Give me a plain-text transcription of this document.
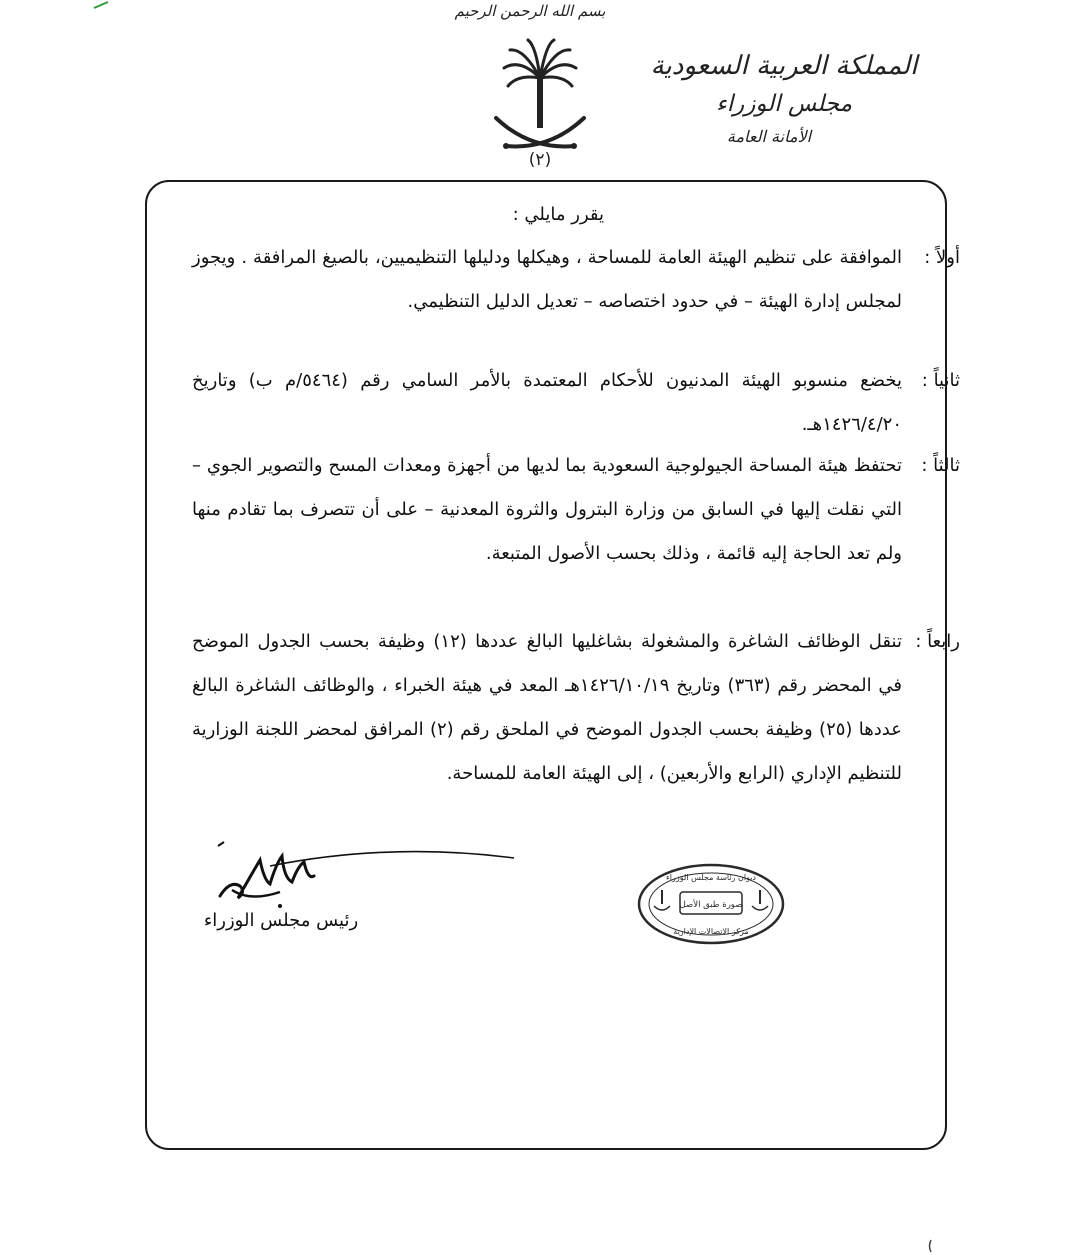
بسم الله الرحمن الرحيم
(٢)
المملكة العربية السعودية
مجلس الوزراء
الأمانة العامة
يقرر مايلي :
أولاً :
الموافقة على تنظيم الهيئة العامة للمساحة ، وهيكلها ودليلها التنظيميين، بالصيغ المرافقة . ويجوز لمجلس إدارة الهيئة – في حدود اختصاصه – تعديل الدليل التنظيمي.
ثانياً :
يخضع منسوبو الهيئة المدنيون للأحكام المعتمدة بالأمر السامي رقم (٥٤٦٤/م ب) وتاريخ ١٤٢٦/٤/٢٠هـ.
ثالثاً :
تحتفظ هيئة المساحة الجيولوجية السعودية بما لديها من أجهزة ومعدات المسح والتصوير الجوي – التي نقلت إليها في السابق من وزارة البترول والثروة المعدنية – على أن تتصرف بما تقادم منها ولم تعد الحاجة إليه قائمة ، وذلك بحسب الأصول المتبعة.
رابعاً :
تنقل الوظائف الشاغرة والمشغولة بشاغليها البالغ عددها (١٢) وظيفة بحسب الجدول الموضح في المحضر رقم (٣٦٣) وتاريخ ١٤٢٦/١٠/١٩هـ المعد في هيئة الخبراء ، والوظائف الشاغرة البالغ عددها (٢٥) وظيفة بحسب الجدول الموضح في الملحق رقم (٢) المرافق لمحضر اللجنة الوزارية للتنظيم الإداري (الرابع والأربعين) ، إلى الهيئة العامة للمساحة.
رئيس مجلس الوزراء
ديوان رئاسة مجلس الوزراء
صورة طبق الأصل
مركز الاتصالات الإدارية
